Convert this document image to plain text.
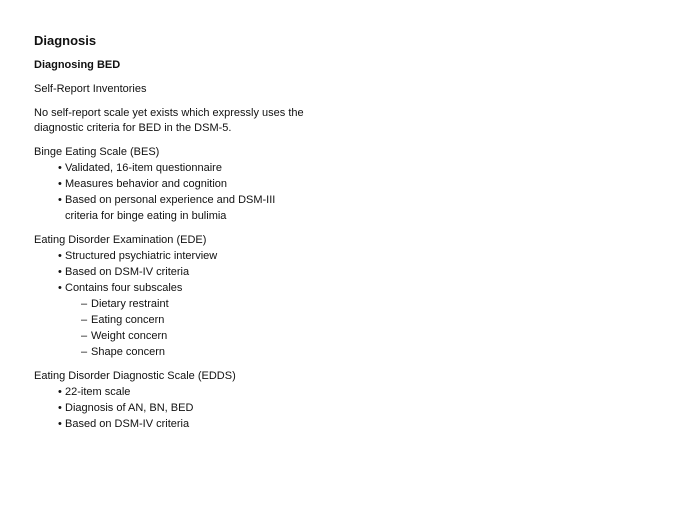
Diagnosis
Diagnosing BED

Self-Report Inventories

No self-report scale yet exists which expressly uses the diagnostic criteria for BED in the DSM-5.

Binge Eating Scale (BES)

• Validated, 16-item questionnaire
• Measures behavior and cognition
• Based on personal experience and DSM-III criteria for binge eating in bulimia

Eating Disorder Examination (EDE)

• Structured psychiatric interview
• Based on DSM-IV criteria
• Contains four subscales
– Dietary restraint
– Eating concern
– Weight concern
– Shape concern

Eating Disorder Diagnostic Scale (EDDS)

• 22-item scale
• Diagnosis of AN, BN, BED
• Based on DSM-IV criteria
